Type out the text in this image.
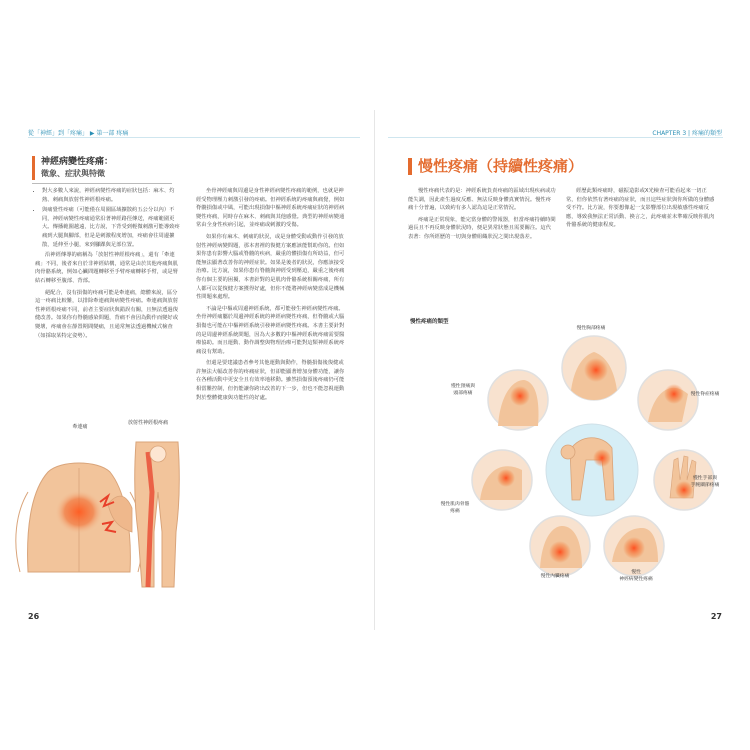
從「神經」到「疼痛」 ▶ 第一部 疼痛	CHAPTER 3 | 疼痛的類型
神經病變性疼痛：
徵象、症狀與特徵
• 對大多數人來說，神經病變性疼痛的症狀包括：麻木、灼熱、刺痛與放射性神經根疼痛。
• 與痛覺性疼痛（可能僅在周圍區域擴散約五公分以內）不同，神經病變性疼痛通常沿著神經路徑傳送，疼痛範圍更大。傳播範圍越遠，比方說，下背受到輕微刺激可能導致疼痛到大腿與腳部，但是是刺激程度增加，疼痛會往周邊擴散，延伸至小腿，來到腳踝與足部位置。

沿神經傳導的痛稱為「放射性神經根疼痛」，還有「牽連痛」不同，後者來自於非神經結構，通常是由於其他疼痛與肌肉骨骼系統，例如心臟問題轉移至手臂疼痛轉移手臂，或是腎結石轉移至腹部、背部。

絕配合，沒有損傷的疼痛可能是牽連痛，總體來說，區分這一疼痛比較難，以排除牽連痛與病變性疼痛。牽連痛與放射性神經根疼痛不同，前者主要症狀與錯誤有關，且無法透過復健改善。如果你有脊髓感染問題，背痛不會因為動作而變好或變壞，疼痛會在靜置期間變痛，且通常無法透過機械式檢查（如採取某特定姿勢）。

坐骨神經痛與周邊是身性神經病變性疼痛的範例，也就是神經受物理壓力刺激引發的疼痛。但神經系統的疼痛與痛覺，例如脊髓損傷或中風，可能出現損傷中樞神經系統疼痛症狀的神經病變性疼痛，同時存在麻木、刺痛與其他感覺。典型的神經病變通常由全身性疾病引起，並疼痛或刺激的受傷。

如果你有麻木、刺痛的狀況，或是身體受動或動作引發的放射性神經病變問題，那本書裡的復健方案應該能幫助你的。但如果你患有影響大腦或脊髓的疾病，嚴重的體損傷有所助益，但可能無法顯著改善你的神經症狀。如果是後者的狀況，你應該接受治療。比方說，如果你患有脊髓與神經受到壓迫，嚴重之後疼痛你有個主要的困擾，本書針對的是肌肉骨骼系統相關疼痛，所有人都可以從復健方案獲得好處，但你不能將神經病變當成是機械性問題來處理。

不論是中樞或周邊神經系統，都可能發生神經病變性疼痛。坐骨神經痛屬於周邊神經系統的神經病變性疼痛，但脊髓或大腦損傷也可能在中樞神經系統引發神經病變性疼痛。本書主要針對的是周邊神經系統問題，因為大多數的中樞神經系統疼痛需要醫療協助。而且運動、動作調整與物理治療可能對這類神經系統疼痛沒有幫助。

但還是要建議患者參考其他運動與動作，脊髓損傷後復健或許無法大幅改善你的疼痛症狀，但卻能顯著增加身體功能，讓你在各種活動中更安全且有效率地移動。雖然損傷預後疼痛仍可能相當難控制，但仍能讓你跨出改善的下一步，但也不能忽視運動對於整體健康與功能性的好處。

牽連痛
放射性神經根疼痛
26
慢性疼痛（持續性疼痛）

慢性疼痛代表的是：神經系統負責疼痛的區域出現疾病或功能失調，因此產生過度反應、無法反映身體真實情況。慢性疼痛十分普遍，以致約有多人認為這是正常情況。

疼痛是正常現象，能完當身體的警報器，但當疼痛持續時間過長且不再反映身體狀況時，便是異常狀態且需要關注。這代表著：你所經歷的一切與身體組織狀況之間出現落差。

經歷此類疼痛時，磁振造影或X光檢查可能看起來一切正常，但你依然有著疼痛的症狀，而且這些症狀與你所做的身體感受不符。比方說，你要想像起一支影響部位出現敏感性疼痛反應，導致我無法正常活動、換言之，此疼痛並未準確反映你肌肉骨骼系統的健康程度。

慢性疼痛的類型
慢性胸部疼痛
慢性頸痛與
頭部疼痛	慢性脊症疼痛
慢性手部與
手腕關節疼痛
慢性肌肉骨骼
疼痛
慢性內臟疼痛
慢性
神經病變性疼痛
27
